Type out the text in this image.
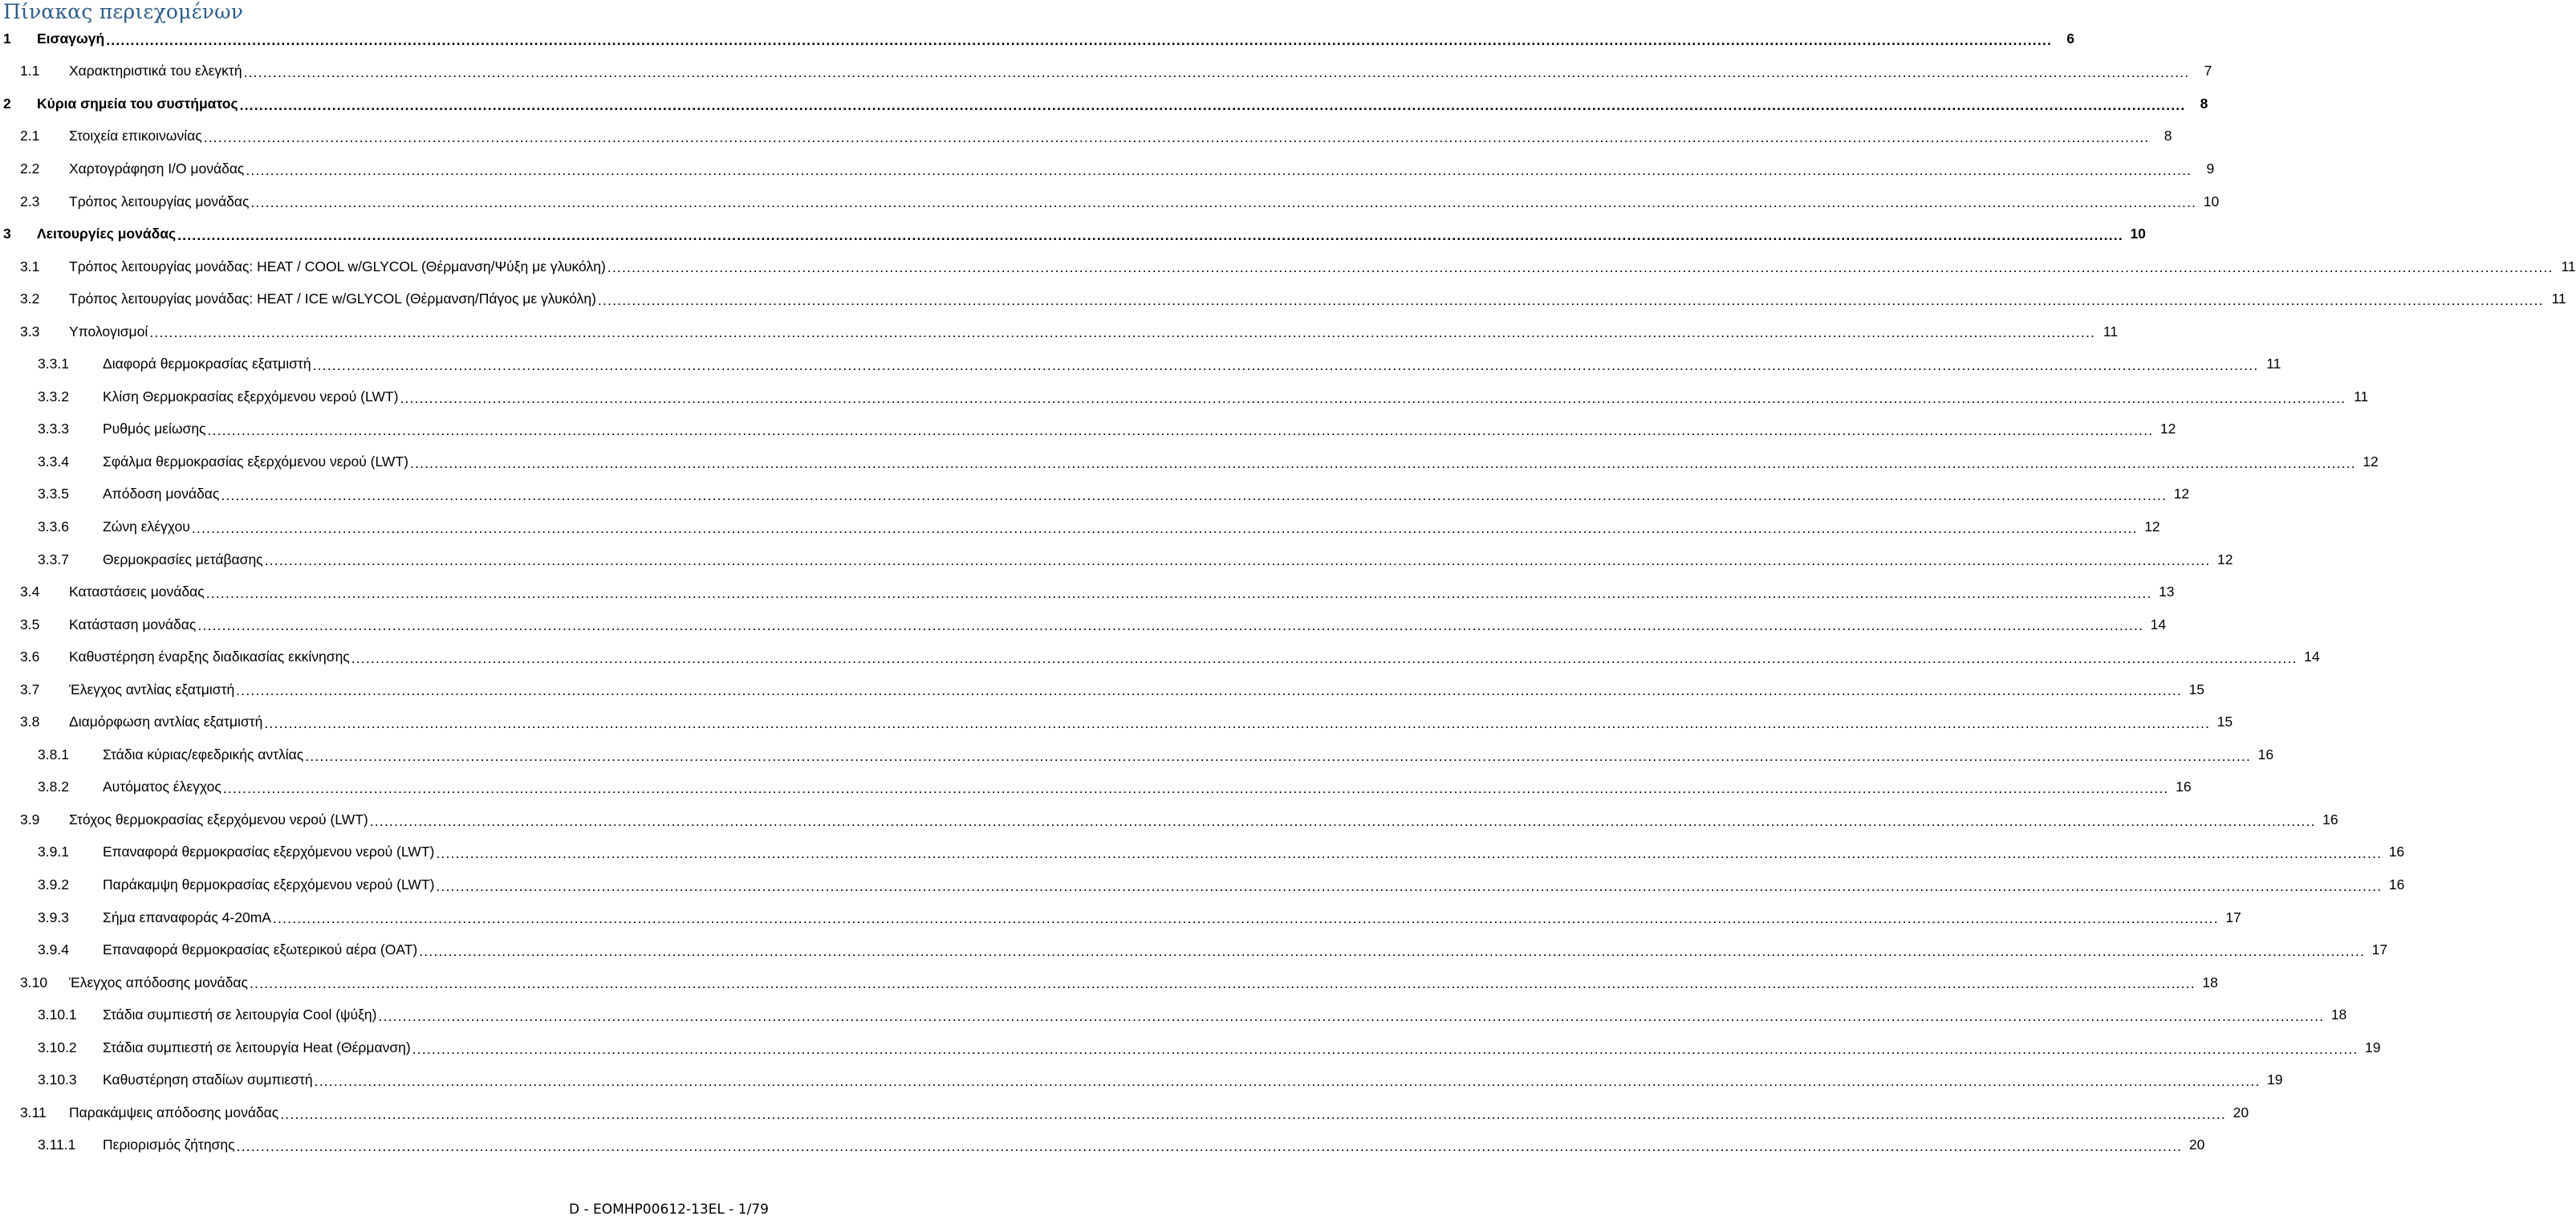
Πίνακας περιεχομένων
1	Εισαγωγή ................................................................................................................................................................................................................................................................................................................................................................................................................	6
1.1	Χαρακτηριστικά του ελεγκτή ................................................................................................................................................................................................................................................................................................................................................................................................................	7
2	Κύρια σημεία του συστήματος ................................................................................................................................................................................................................................................................................................................................................................................................................	8
2.1	Στοιχεία επικοινωνίας ................................................................................................................................................................................................................................................................................................................................................................................................................	8
2.2	Χαρτογράφηση I/O μονάδας ................................................................................................................................................................................................................................................................................................................................................................................................................	9
2.3	Τρόπος λειτουργίας μονάδας ................................................................................................................................................................................................................................................................................................................................................................................................................ 10
3	Λειτουργίες μονάδας ................................................................................................................................................................................................................................................................................................................................................................................................................ 10
3.1	Τρόπος λειτουργίας μονάδας: HEAT / COOL w/GLYCOL (Θέρμανση/Ψύξη με γλυκόλη) ................................................................................................................................................................................................................................................................................................................................................................................................................ 11
3.2	Τρόπος λειτουργίας μονάδας: HEAT / ICE w/GLYCOL (Θέρμανση/Πάγος με γλυκόλη) ................................................................................................................................................................................................................................................................................................................................................................................................................ 11
3.3	Υπολογισμοί ................................................................................................................................................................................................................................................................................................................................................................................................................ 11
3.3.1	Διαφορά θερμοκρασίας εξατμιστή ................................................................................................................................................................................................................................................................................................................................................................................................................ 11
3.3.2	Κλίση Θερμοκρασίας εξερχόμενου νερού (LWT) ................................................................................................................................................................................................................................................................................................................................................................................................................ 11
3.3.3	Ρυθμός μείωσης ................................................................................................................................................................................................................................................................................................................................................................................................................ 12
3.3.4	Σφάλμα θερμοκρασίας εξερχόμενου νερού (LWT) ................................................................................................................................................................................................................................................................................................................................................................................................................ 12
3.3.5	Απόδοση μονάδας ................................................................................................................................................................................................................................................................................................................................................................................................................ 12
3.3.6	Ζώνη ελέγχου ................................................................................................................................................................................................................................................................................................................................................................................................................ 12
3.3.7	Θερμοκρασίες μετάβασης ................................................................................................................................................................................................................................................................................................................................................................................................................ 12
3.4	Καταστάσεις μονάδας ................................................................................................................................................................................................................................................................................................................................................................................................................ 13
3.5	Κατάσταση μονάδας ................................................................................................................................................................................................................................................................................................................................................................................................................ 14
3.6	Καθυστέρηση έναρξης διαδικασίας εκκίνησης ................................................................................................................................................................................................................................................................................................................................................................................................................ 14
3.7	Έλεγχος αντλίας εξατμιστή ................................................................................................................................................................................................................................................................................................................................................................................................................ 15
3.8	Διαμόρφωση αντλίας εξατμιστή ................................................................................................................................................................................................................................................................................................................................................................................................................ 15
3.8.1	Στάδια κύριας/εφεδρικής αντλίας ................................................................................................................................................................................................................................................................................................................................................................................................................ 16
3.8.2	Αυτόματος έλεγχος ................................................................................................................................................................................................................................................................................................................................................................................................................ 16
3.9	Στόχος θερμοκρασίας εξερχόμενου νερού (LWT) ................................................................................................................................................................................................................................................................................................................................................................................................................ 16
3.9.1	Επαναφορά θερμοκρασίας εξερχόμενου νερού (LWT) ................................................................................................................................................................................................................................................................................................................................................................................................................ 16
3.9.2	Παράκαμψη θερμοκρασίας εξερχόμενου νερού (LWT) ................................................................................................................................................................................................................................................................................................................................................................................................................ 16
3.9.3	Σήμα επαναφοράς 4-20mA ................................................................................................................................................................................................................................................................................................................................................................................................................ 17
3.9.4	Επαναφορά θερμοκρασίας εξωτερικού αέρα (OAT) ................................................................................................................................................................................................................................................................................................................................................................................................................ 17
3.10	Έλεγχος απόδοσης μονάδας ................................................................................................................................................................................................................................................................................................................................................................................................................ 18
3.10.1	Στάδια συμπιεστή σε λειτουργία Cool (ψύξη) ................................................................................................................................................................................................................................................................................................................................................................................................................ 18
3.10.2	Στάδια συμπιεστή σε λειτουργία Heat (Θέρμανση) ................................................................................................................................................................................................................................................................................................................................................................................................................ 19
3.10.3	Καθυστέρηση σταδίων συμπιεστή ................................................................................................................................................................................................................................................................................................................................................................................................................ 19
3.11	Παρακάμψεις απόδοσης μονάδας ................................................................................................................................................................................................................................................................................................................................................................................................................ 20
3.11.1	Περιορισμός ζήτησης ................................................................................................................................................................................................................................................................................................................................................................................................................ 20
D - EOMHP00612-13EL - 1/79
